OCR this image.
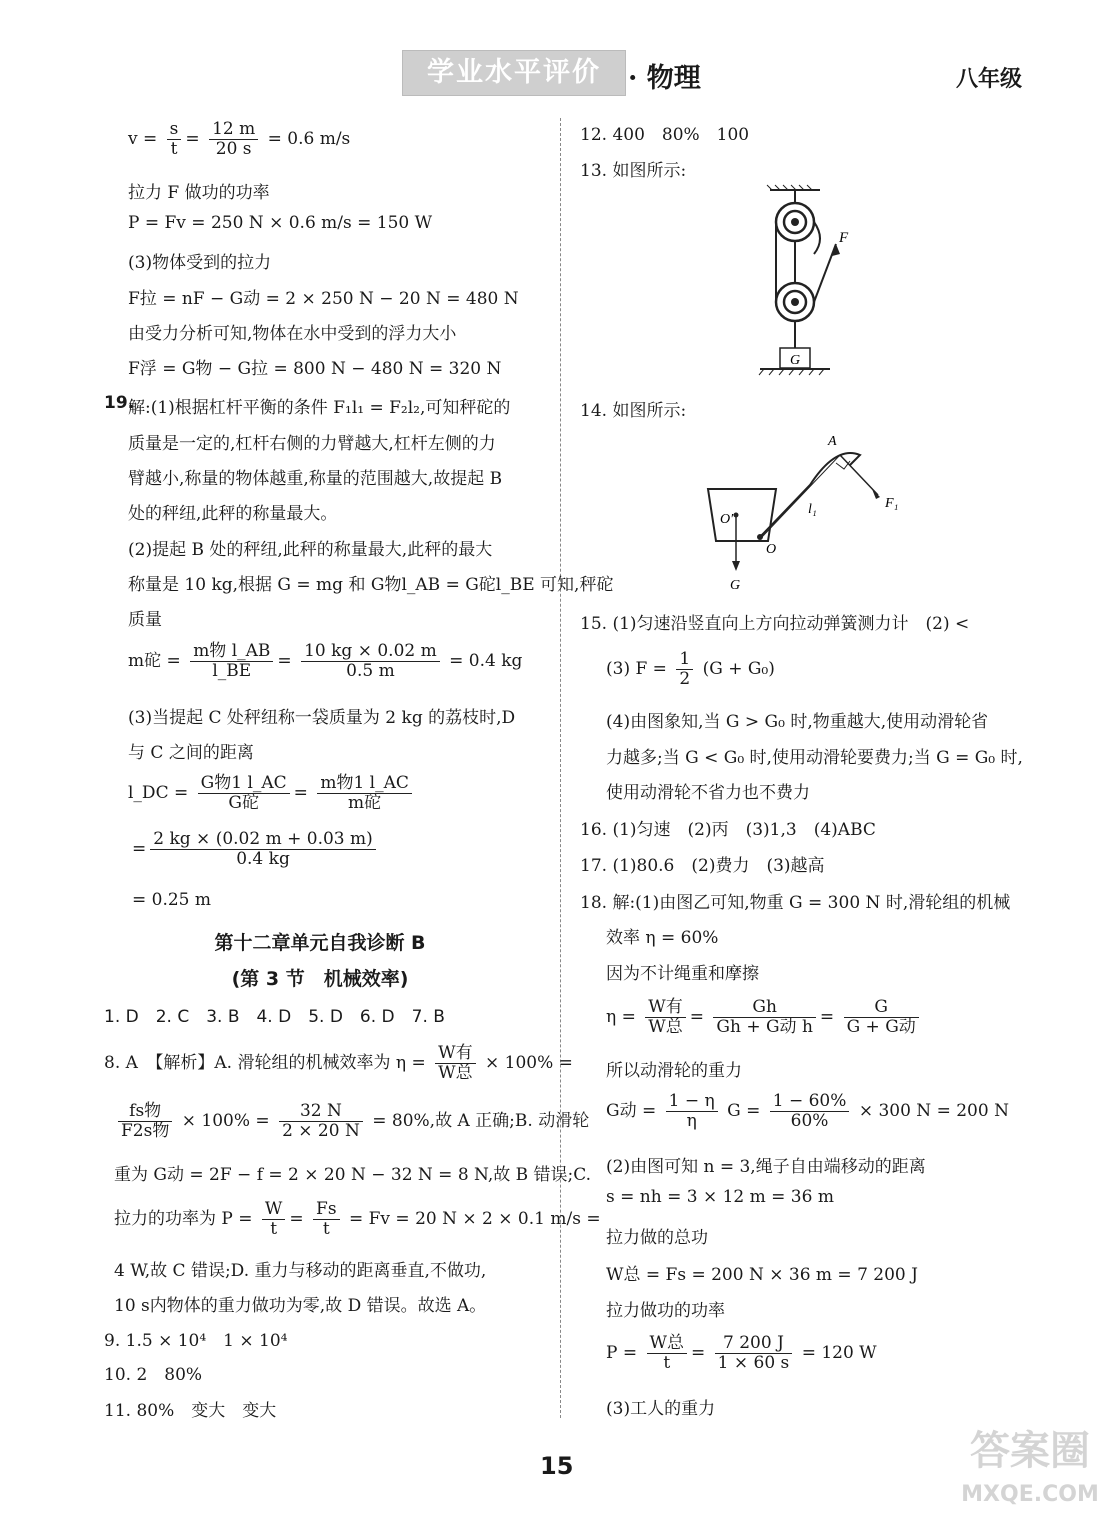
学业水平评价	· 物理	八年级
$v = \frac{s}{t} = \frac{12 m}{20 s} = 0.6$ m/s
拉力 F 做功的功率
P = Fv = 250 N × 0.6 m/s = 150 W
(3)物体受到的拉力
F拉 = nF − G动 = 2 × 250 N − 20 N = 480 N
由受力分析可知,物体在水中受到的浮力大小
F浮 = G物 − G拉 = 800 N − 480 N = 320 N
19.
解:(1)根据杠杆平衡的条件 F₁l₁ = F₂l₂,可知秤砣的
质量是一定的,杠杆右侧的力臂越大,杠杆左侧的力
臂越小,称量的物体越重,称量的范围越大,故提起 B
处的秤纽,此秤的称量最大。
(2)提起 B 处的秤纽,此秤的称量最大,此秤的最大
称量是 10 kg,根据 G = mg 和 G物l_AB = G砣l_BE 可知,秤砣
质量
m砣 = m物 l_AB
l_BE	= $\frac{10 kg \times 0.02 m}{0.5 m} = 0.4$ kg
(3)当提起 C 处秤纽称一袋质量为 2 kg 的荔枝时,D
与 C 之间的距离
l_DC = G物1 l_AC
G砣	= m物1 l_AC
m砣
= $\frac{2 kg \times (0.02 m + 0.03 m)}{0.4 kg}$
= 0.25 m
第十二章单元自我诊断 B
(第 3 节　机械效率)
1. D　2. C　3. B　4. D　5. D　6. D　7. B
8. A　【解析】A. 滑轮组的机械效率为 η = W有
W总 × 100% =
fs物
F2s物 × $100\% = \frac{32 N}{2 \times 20 N} = 80\%$,故 A 正确;B. 动滑轮
重为 G动 = 2F − f = 2 × 20 N − 32 N = 8 N,故 B 错误;C.
拉力的功率为 $P = \frac{W}{t} = \frac{Fs}{t} = Fv = 20$ N × 2 × 0.1 m/s =
4 W,故 C 错误;D. 重力与移动的距离垂直,不做功,
10 s内物体的重力做功为零,故 D 错误。故选 A。
9. 1.5 × 10⁴　1 × 10⁴
10. 2　80%
11. 80%　变大　变大
12. 400　80%　100
13. 如图所示:
F
G
14. 如图所示:
A
l₁	F₁
O′
O
G
15. (1)匀速沿竖直向上方向拉动弹簧测力计　(2) <
(3) $F = \frac{1}{2} (G + G_0)$
(4)由图象知,当 G > G₀ 时,物重越大,使用动滑轮省
力越多;当 G < G₀ 时,使用动滑轮要费力;当 G = G₀ 时,
使用动滑轮不省力也不费力
16. (1)匀速　(2)丙　(3)1,3　(4)ABC
17. (1)80.6　(2)费力　(3)越高
18. 解:(1)由图乙可知,物重 G = 300 N 时,滑轮组的机械
效率 η = 60%
因为不计绳重和摩擦
η = W有
W总 =	Gh
Gh + G动 h =	G
G + G动
所以动滑轮的重力
G动 = $\frac{1 - \eta}{\eta}$ $G = \frac{1 - 60\%}{60\%} \times 300$ N = 200 N
(2)由图可知 n = 3,绳子自由端移动的距离
s = nh = 3 × 12 m = 36 m
拉力做的总功
W总 = Fs = 200 N × 36 m = 7 200 J
拉力做功的功率
P = W总
t	= $\frac{7 200 J}{1 \times 60 s} = 120$ W
(3)工人的重力
15	答案圈
MXQE.COM
